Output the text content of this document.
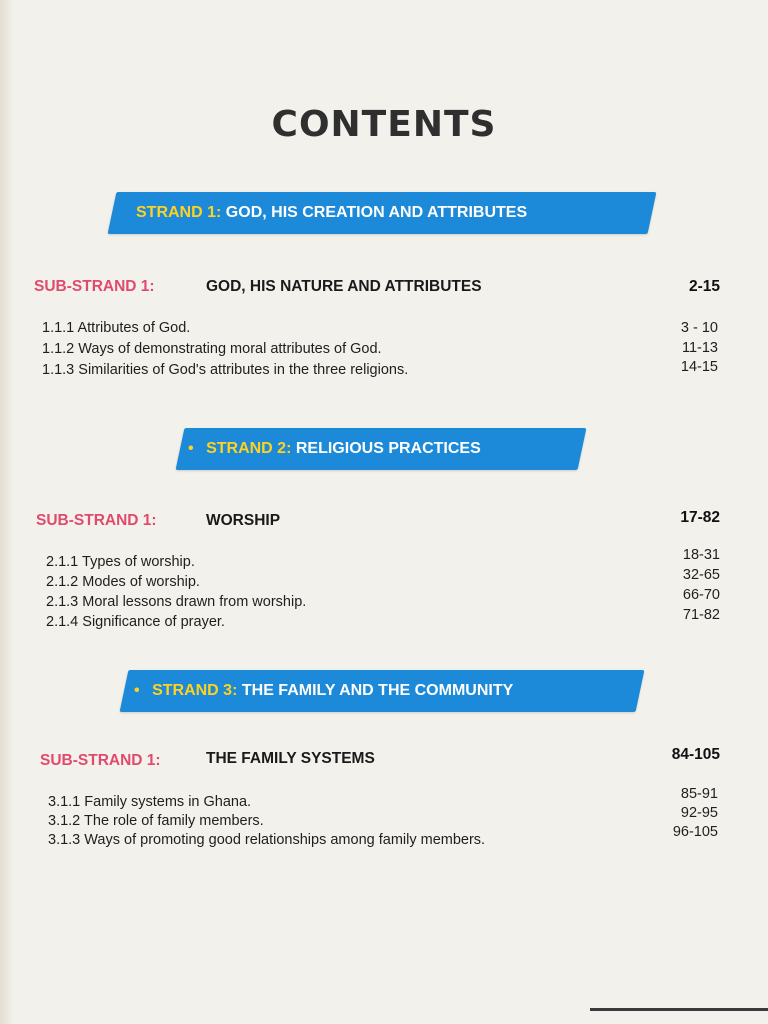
CONTENTS
STRAND 1: GOD, HIS CREATION AND ATTRIBUTES
SUB-STRAND 1:	GOD, HIS NATURE AND ATTRIBUTES	2-15
1.1.1 Attributes of God.	3 - 10
1.1.2 Ways of demonstrating moral attributes of God.	11-13
1.1.3 Similarities of God's attributes in the three religions.	14-15
• STRAND 2: RELIGIOUS PRACTICES
SUB-STRAND 1:	WORSHIP	17-82
2.1.1 Types of worship.	18-31
2.1.2 Modes of worship.	32-65
2.1.3 Moral lessons drawn from worship.	66-70
2.1.4 Significance of prayer.	71-82
• STRAND 3: THE FAMILY AND THE COMMUNITY
SUB-STRAND 1:	THE FAMILY SYSTEMS	84-105
3.1.1 Family systems in Ghana.	85-91
3.1.2 The role of family members.	92-95
3.1.3 Ways of promoting good relationships among family members.	96-105
